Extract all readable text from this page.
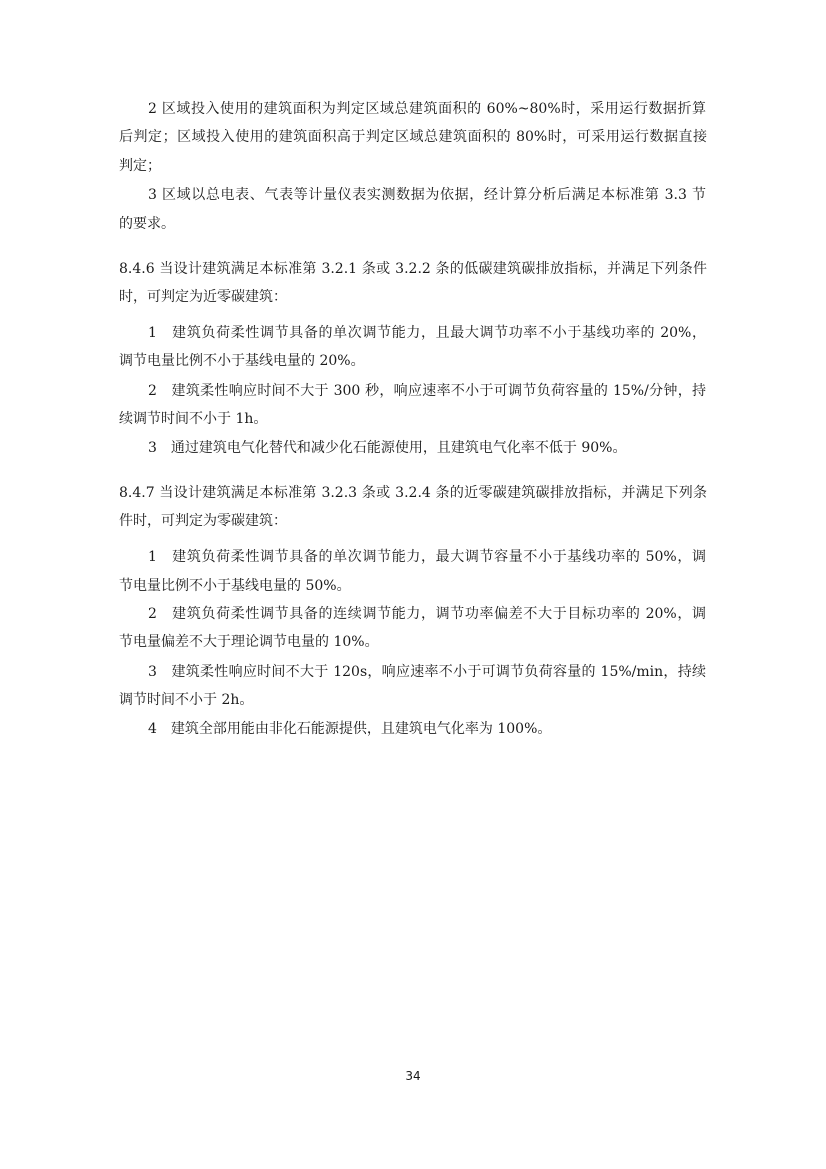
2 区域投入使用的建筑面积为判定区域总建筑面积的 60%~80%时，采用运行数据折算
后判定；区域投入使用的建筑面积高于判定区域总建筑面积的 80%时，可采用运行数据直接
判定；
3 区域以总电表、气表等计量仪表实测数据为依据，经计算分析后满足本标准第 3.3 节
的要求。
8.4.6 当设计建筑满足本标准第 3.2.1 条或 3.2.2 条的低碳建筑碳排放指标，并满足下列条件
时，可判定为近零碳建筑：
1　建筑负荷柔性调节具备的单次调节能力，且最大调节功率不小于基线功率的 20%，
调节电量比例不小于基线电量的 20%。
2　建筑柔性响应时间不大于 300 秒，响应速率不小于可调节负荷容量的 15%/分钟，持
续调节时间不小于 1h。
3　通过建筑电气化替代和减少化石能源使用，且建筑电气化率不低于 90%。
8.4.7 当设计建筑满足本标准第 3.2.3 条或 3.2.4 条的近零碳建筑碳排放指标，并满足下列条
件时，可判定为零碳建筑：
1　建筑负荷柔性调节具备的单次调节能力，最大调节容量不小于基线功率的 50%，调
节电量比例不小于基线电量的 50%。
2　建筑负荷柔性调节具备的连续调节能力，调节功率偏差不大于目标功率的 20%，调
节电量偏差不大于理论调节电量的 10%。
3　建筑柔性响应时间不大于 120s，响应速率不小于可调节负荷容量的 15%/min，持续
调节时间不小于 2h。
4　建筑全部用能由非化石能源提供，且建筑电气化率为 100%。
34
